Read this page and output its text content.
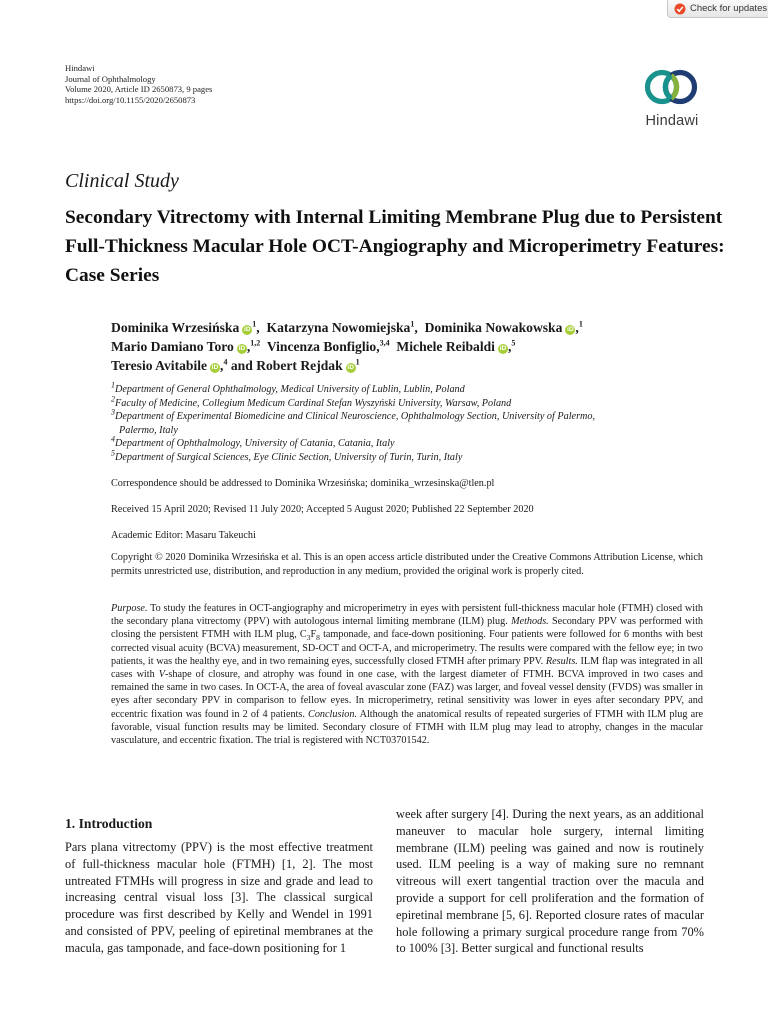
Check for updates
Hindawi
Journal of Ophthalmology
Volume 2020, Article ID 2650873, 9 pages
https://doi.org/10.1155/2020/2650873
Hindawi
Clinical Study
Secondary Vitrectomy with Internal Limiting Membrane Plug due to Persistent Full-Thickness Macular Hole OCT-Angiography and Microperimetry Features: Case Series
Dominika Wrzesińska $iD^1$,  Katarzyna Nowomiejska$^1$,  Dominika Nowakowska iD ,$^1$
Mario Damiano Toro iD ,$^{1,2}$ Vincenza Bonfiglio,$^{3,4}$ Michele Reibaldi iD ,$^5$
Teresio Avitabile iD ,$^4$ and Robert Rejdak $iD^1$
$^1$Department of General Ophthalmology, Medical University of Lublin, Lublin, Poland
$^2$Faculty of Medicine, Collegium Medicum Cardinal Stefan Wyszyński University, Warsaw, Poland
$^3$Department of Experimental Biomedicine and Clinical Neuroscience, Ophthalmology Section, University of Palermo,
Palermo, Italy
$^4$Department of Ophthalmology, University of Catania, Catania, Italy
$^5$Department of Surgical Sciences, Eye Clinic Section, University of Turin, Turin, Italy
Correspondence should be addressed to Dominika Wrzesińska; dominika_wrzesinska@tlen.pl
Received 15 April 2020; Revised 11 July 2020; Accepted 5 August 2020; Published 22 September 2020
Academic Editor: Masaru Takeuchi
Copyright © 2020 Dominika Wrzesińska et al. This is an open access article distributed under the Creative Commons Attribution License, which permits unrestricted use, distribution, and reproduction in any medium, provided the original work is properly cited.
Purpose. To study the features in OCT-angiography and microperimetry in eyes with persistent full-thickness macular hole (FTMH) closed with the secondary plana vitrectomy (PPV) with autologous internal limiting membrane (ILM) plug. Methods. Secondary PPV was performed with closing the persistent FTMH with ILM plug, $C_3F_8$ tamponade, and face-down positioning. Four patients were followed for 6 months with best corrected visual acuity (BCVA) measurement, SD-OCT and OCT-A, and microperimetry. The results were compared with the fellow eye; in two patients, it was the healthy eye, and in two remaining eyes, successfully closed FTMH after primary PPV. Results. ILM flap was integrated in all cases with V-shape of closure, and atrophy was found in one case, with the largest diameter of FTMH. BCVA improved in two cases and remained the same in two cases. In OCT-A, the area of foveal avascular zone (FAZ) was larger, and foveal vessel density (FVDS) was smaller in eyes after secondary PPV in comparison to fellow eyes. In microperimetry, retinal sensitivity was lower in eyes after secondary PPV, and eccentric fixation was found in 2 of 4 patients. Conclusion. Although the anatomical results of repeated surgeries of FTMH with ILM plug are favorable, visual function results may be limited. Secondary closure of FTMH with ILM plug may lead to atrophy, changes in the macular vasculature, and eccentric fixation. The trial is registered with NCT03701542.
1. Introduction
Pars plana vitrectomy (PPV) is the most effective treatment of full-thickness macular hole (FTMH) [1, 2]. The most untreated FTMHs will progress in size and grade and lead to increasing central visual loss [3]. The classical surgical procedure was first described by Kelly and Wendel in 1991 and consisted of PPV, peeling of epiretinal membranes at the macula, gas tamponade, and face-down positioning for 1
week after surgery [4]. During the next years, as an additional maneuver to macular hole surgery, internal limiting membrane (ILM) peeling was gained and now is routinely used. ILM peeling is a way of making sure no remnant vitreous will exert tangential traction over the macula and provide a support for cell proliferation and the formation of epiretinal membrane [5, 6]. Reported closure rates of macular hole following a primary surgical procedure range from 70% to 100% [3]. Better surgical and functional results
